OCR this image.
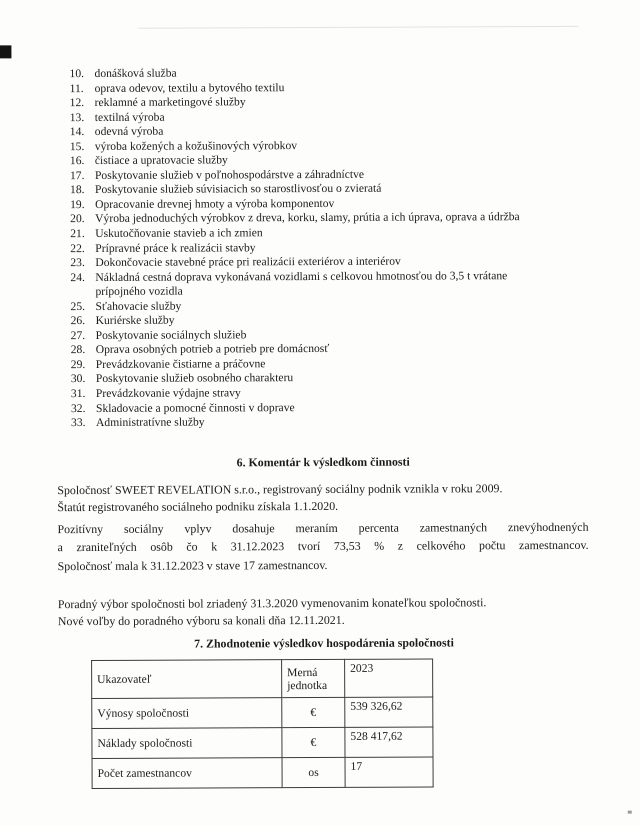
10. donášková služba
11. oprava odevov, textilu a bytového textilu
12. reklamné a marketingové služby
13. textilná výroba
14. odevná výroba
15. výroba kožených a kožušinových výrobkov
16. čistiace a upratovacie služby
17. Poskytovanie služieb v poľnohospodárstve a záhradníctve
18. Poskytovanie služieb súvisiacich so starostlivosťou o zvieratá
19. Opracovanie drevnej hmoty a výroba komponentov
20. Výroba jednoduchých výrobkov z dreva, korku, slamy, prútia a ich úprava, oprava a údržba
21. Uskutočňovanie stavieb a ich zmien
22. Prípravné práce k realizácii stavby
23. Dokončovacie stavebné práce pri realizácii exteriérov a interiérov
24. Nákladná cestná doprava vykonávaná vozidlami s celkovou hmotnosťou do 3,5 t vrátane prípojného vozidla
25. Sťahovacie služby
26. Kuriérske služby
27. Poskytovanie sociálnych služieb
28. Oprava osobných potrieb a potrieb pre domácnosť
29. Prevádzkovanie čistiarne a práčovne
30. Poskytovanie služieb osobného charakteru
31. Prevádzkovanie výdajne stravy
32. Skladovacie a pomocné činnosti v doprave
33. Administratívne služby
6. Komentár k výsledkom činnosti
Spoločnosť SWEET REVELATION s.r.o., registrovaný sociálny podnik vznikla v roku 2009.
Štatút registrovaného sociálneho podniku získala 1.1.2020.
Pozitívny sociálny vplyv dosahuje meraním percenta zamestnaných znevýhodnených
a zraniteľných osôb čo k 31.12.2023 tvorí 73,53 % z celkového počtu zamestnancov.
Spoločnosť mala k 31.12.2023 v stave 17 zamestnancov.
Poradný výbor spoločnosti bol zriadený 31.3.2020 vymenovanim konateľkou spoločnosti.
Nové voľby do poradného výboru sa konali dňa 12.11.2021.
7. Zhodnotenie výsledkov hospodárenia spoločnosti
Ukazovateľ	Merná jednotka	2023
Výnosy spoločnosti	€	539 326,62
Náklady spoločnosti	€	528 417,62
Počet zamestnancov	os	17
